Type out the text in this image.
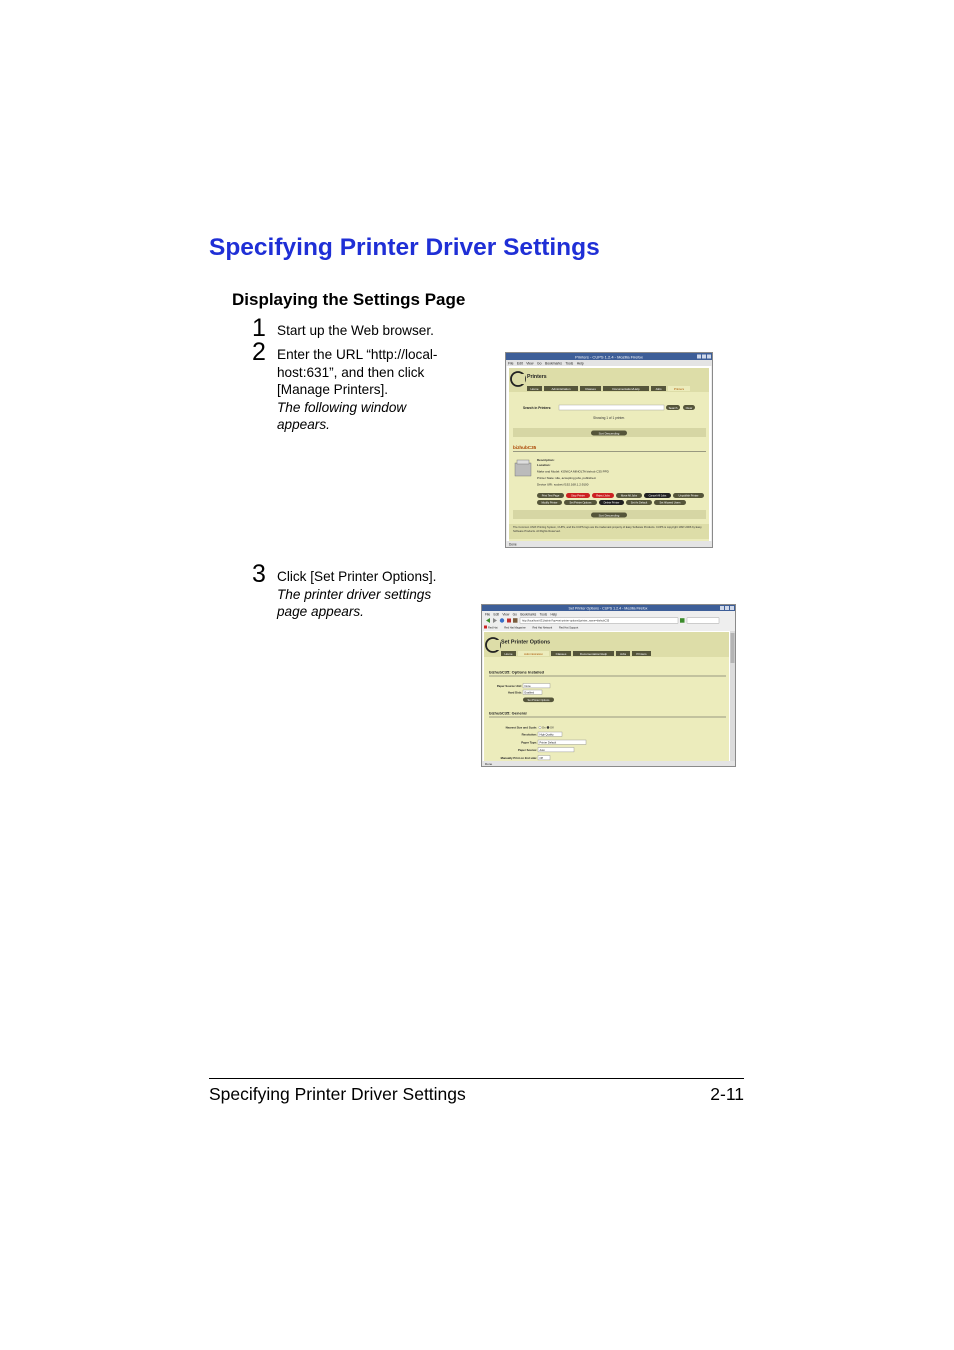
Specifying Printer Driver Settings
Displaying the Settings Page
1 Start up the Web browser.
2 Enter the URL “http://local-
host:631”, and then click
[Manage Printers].
The following window
appears.
3 Click [Set Printer Options].
The printer driver settings
page appears.
Printers - CUPS 1.2.4 - Mozilla Firefox
File Edit View Go Bookmarks Tools Help
Printers
Home	Administration	Classes	Documentation/Help	Jobs	Printers
Search in Printers:	Search	Clear
Showing 1 of 1 printer.
Sort Descending
bizhubC35
Description: Location: Make and Model: KONICA MINOLTA bizhub C35 PPD Printer State: idle, accepting jobs, published. Device URI: socket://192.168.1.2:9100
Print Test Page	Stop Printer	Reject Jobs	Move All Jobs	Cancel All Jobs	Unpublish Printer
Modify Printer	Set Printer Options	Delete Printer	Set As Default	Set Allowed Users
Sort Descending
The Common UNIX Printing System, CUPS, and the CUPS logo are the trademark property of Easy Software Products. CUPS is copyright 1997-2006 by Easy Software Products. All Rights Reserved.
Done
Set Printer Options - CUPS 1.2.4 - Mozilla Firefox
File Edit View Go Bookmarks Tools Help
http://localhost:631/admin?op=set-printer-options&printer_name=bizhubC35
Red Hat	Red Hat Magazine	Red Hat Network	Red Hat Support
Set Printer Options
Home	Administration	Classes	Documentation/Help	Jobs	Printers
bizhubC35: Options Installed
Paper Source Unit: None
Hard Disk: Enabled
Set Printer Options
bizhubC35: General
Nearest Size and Scale: On Off
Resolution: High Quality
Paper Type: Printer Default
Paper Source: Auto
Manually Print on 2nd side: Off
Done
Specifying Printer Driver Settings	2-11
